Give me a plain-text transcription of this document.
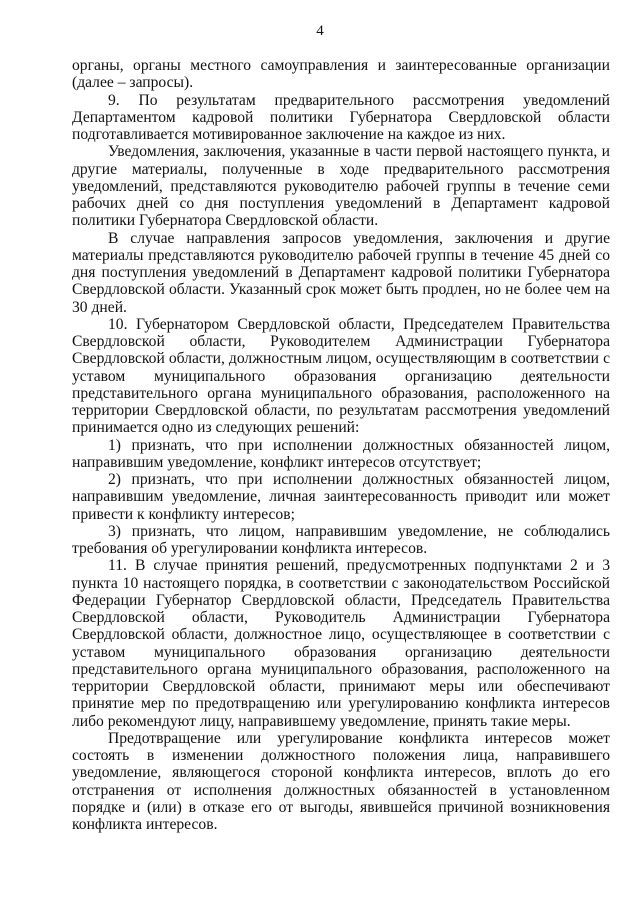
4

органы, органы местного самоуправления и заинтересованные организации (далее – запросы).

9. По результатам предварительного рассмотрения уведомлений Департаментом кадровой политики Губернатора Свердловской области подготавливается мотивированное заключение на каждое из них.

Уведомления, заключения, указанные в части первой настоящего пункта, и другие материалы, полученные в ходе предварительного рассмотрения уведомлений, представляются руководителю рабочей группы в течение семи рабочих дней со дня поступления уведомлений в Департамент кадровой политики Губернатора Свердловской области.

В случае направления запросов уведомления, заключения и другие материалы представляются руководителю рабочей группы в течение 45 дней со дня поступления уведомлений в Департамент кадровой политики Губернатора Свердловской области. Указанный срок может быть продлен, но не более чем на 30 дней.

10. Губернатором Свердловской области, Председателем Правительства Свердловской области, Руководителем Администрации Губернатора Свердловской области, должностным лицом, осуществляющим в соответствии с уставом муниципального образования организацию деятельности представительного органа муниципального образования, расположенного на территории Свердловской области, по результатам рассмотрения уведомлений принимается одно из следующих решений:

1) признать, что при исполнении должностных обязанностей лицом, направившим уведомление, конфликт интересов отсутствует;

2) признать, что при исполнении должностных обязанностей лицом, направившим уведомление, личная заинтересованность приводит или может привести к конфликту интересов;

3) признать, что лицом, направившим уведомление, не соблюдались требования об урегулировании конфликта интересов.

11. В случае принятия решений, предусмотренных подпунктами 2 и 3 пункта 10 настоящего порядка, в соответствии с законодательством Российской Федерации Губернатор Свердловской области, Председатель Правительства Свердловской области, Руководитель Администрации Губернатора Свердловской области, должностное лицо, осуществляющее в соответствии с уставом муниципального образования организацию деятельности представительного органа муниципального образования, расположенного на территории Свердловской области, принимают меры или обеспечивают принятие мер по предотвращению или урегулированию конфликта интересов либо рекомендуют лицу, направившему уведомление, принять такие меры.

Предотвращение или урегулирование конфликта интересов может состоять в изменении должностного положения лица, направившего уведомление, являющегося стороной конфликта интересов, вплоть до его отстранения от исполнения должностных обязанностей в установленном порядке и (или) в отказе его от выгоды, явившейся причиной возникновения конфликта интересов.
